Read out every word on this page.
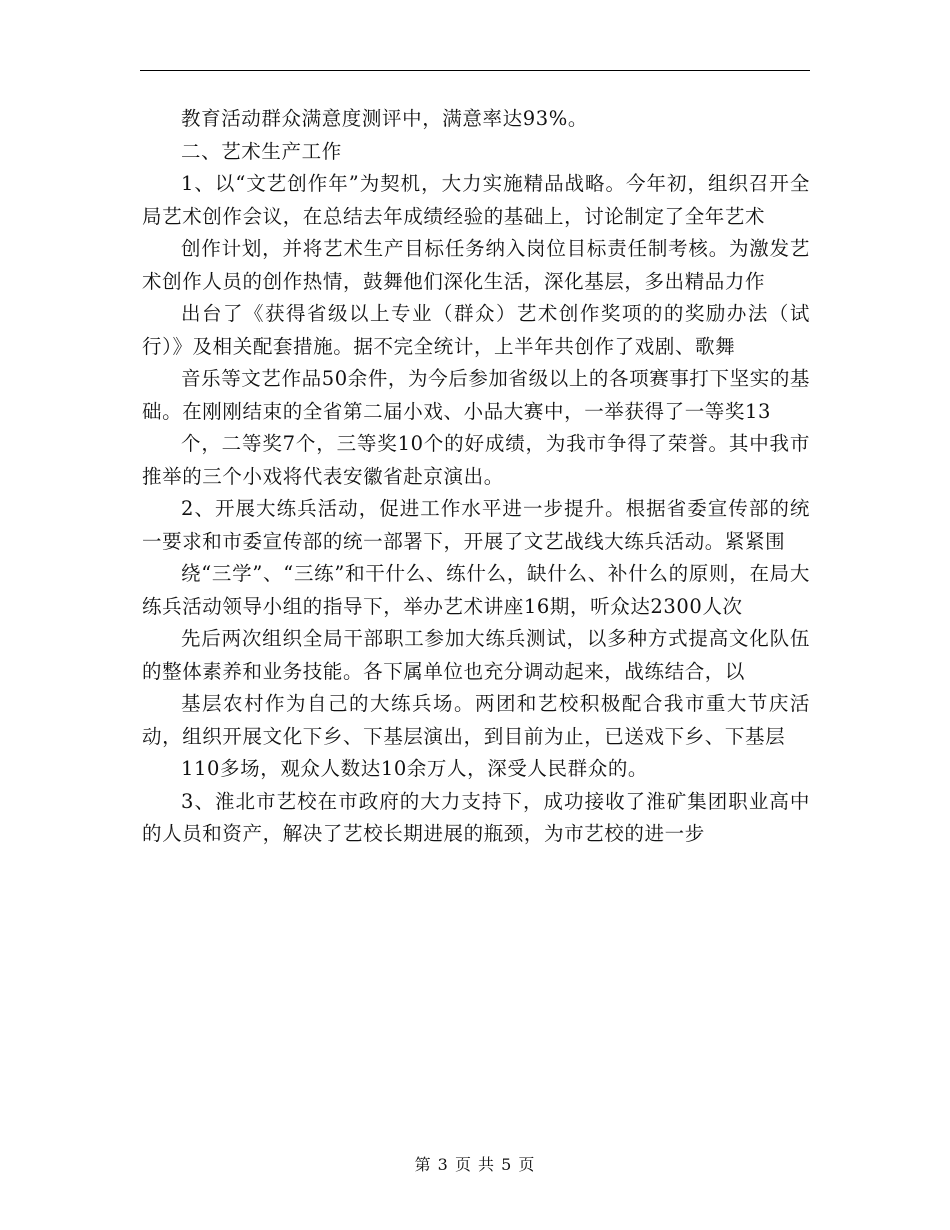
教育活动群众满意度测评中，满意率达93%。

二、艺术生产工作

1、以“文艺创作年”为契机，大力实施精品战略。今年初，组织召开全局艺术创作会议，在总结去年成绩经验的基础上，讨论制定了全年艺术

创作计划，并将艺术生产目标任务纳入岗位目标责任制考核。为激发艺术创作人员的创作热情，鼓舞他们深化生活，深化基层，多出精品力作

出台了《获得省级以上专业（群众）艺术创作奖项的的奖励办法（试行）》及相关配套措施。据不完全统计，上半年共创作了戏剧、歌舞

音乐等文艺作品50余件，为今后参加省级以上的各项赛事打下坚实的基础。在刚刚结束的全省第二届小戏、小品大赛中，一举获得了一等奖13

个，二等奖7个，三等奖10个的好成绩，为我市争得了荣誉。其中我市推举的三个小戏将代表安徽省赴京演出。

2、开展大练兵活动，促进工作水平进一步提升。根据省委宣传部的统一要求和市委宣传部的统一部署下，开展了文艺战线大练兵活动。紧紧围

绕“三学”、“三练”和干什么、练什么，缺什么、补什么的原则，在局大练兵活动领导小组的指导下，举办艺术讲座16期，听众达2300人次

先后两次组织全局干部职工参加大练兵测试，以多种方式提高文化队伍的整体素养和业务技能。各下属单位也充分调动起来，战练结合，以

基层农村作为自己的大练兵场。两团和艺校积极配合我市重大节庆活动，组织开展文化下乡、下基层演出，到目前为止，已送戏下乡、下基层

110多场，观众人数达10余万人，深受人民群众的。

3、淮北市艺校在市政府的大力支持下，成功接收了淮矿集团职业高中的人员和资产，解决了艺校长期进展的瓶颈，为市艺校的进一步

第 3 页 共 5 页
